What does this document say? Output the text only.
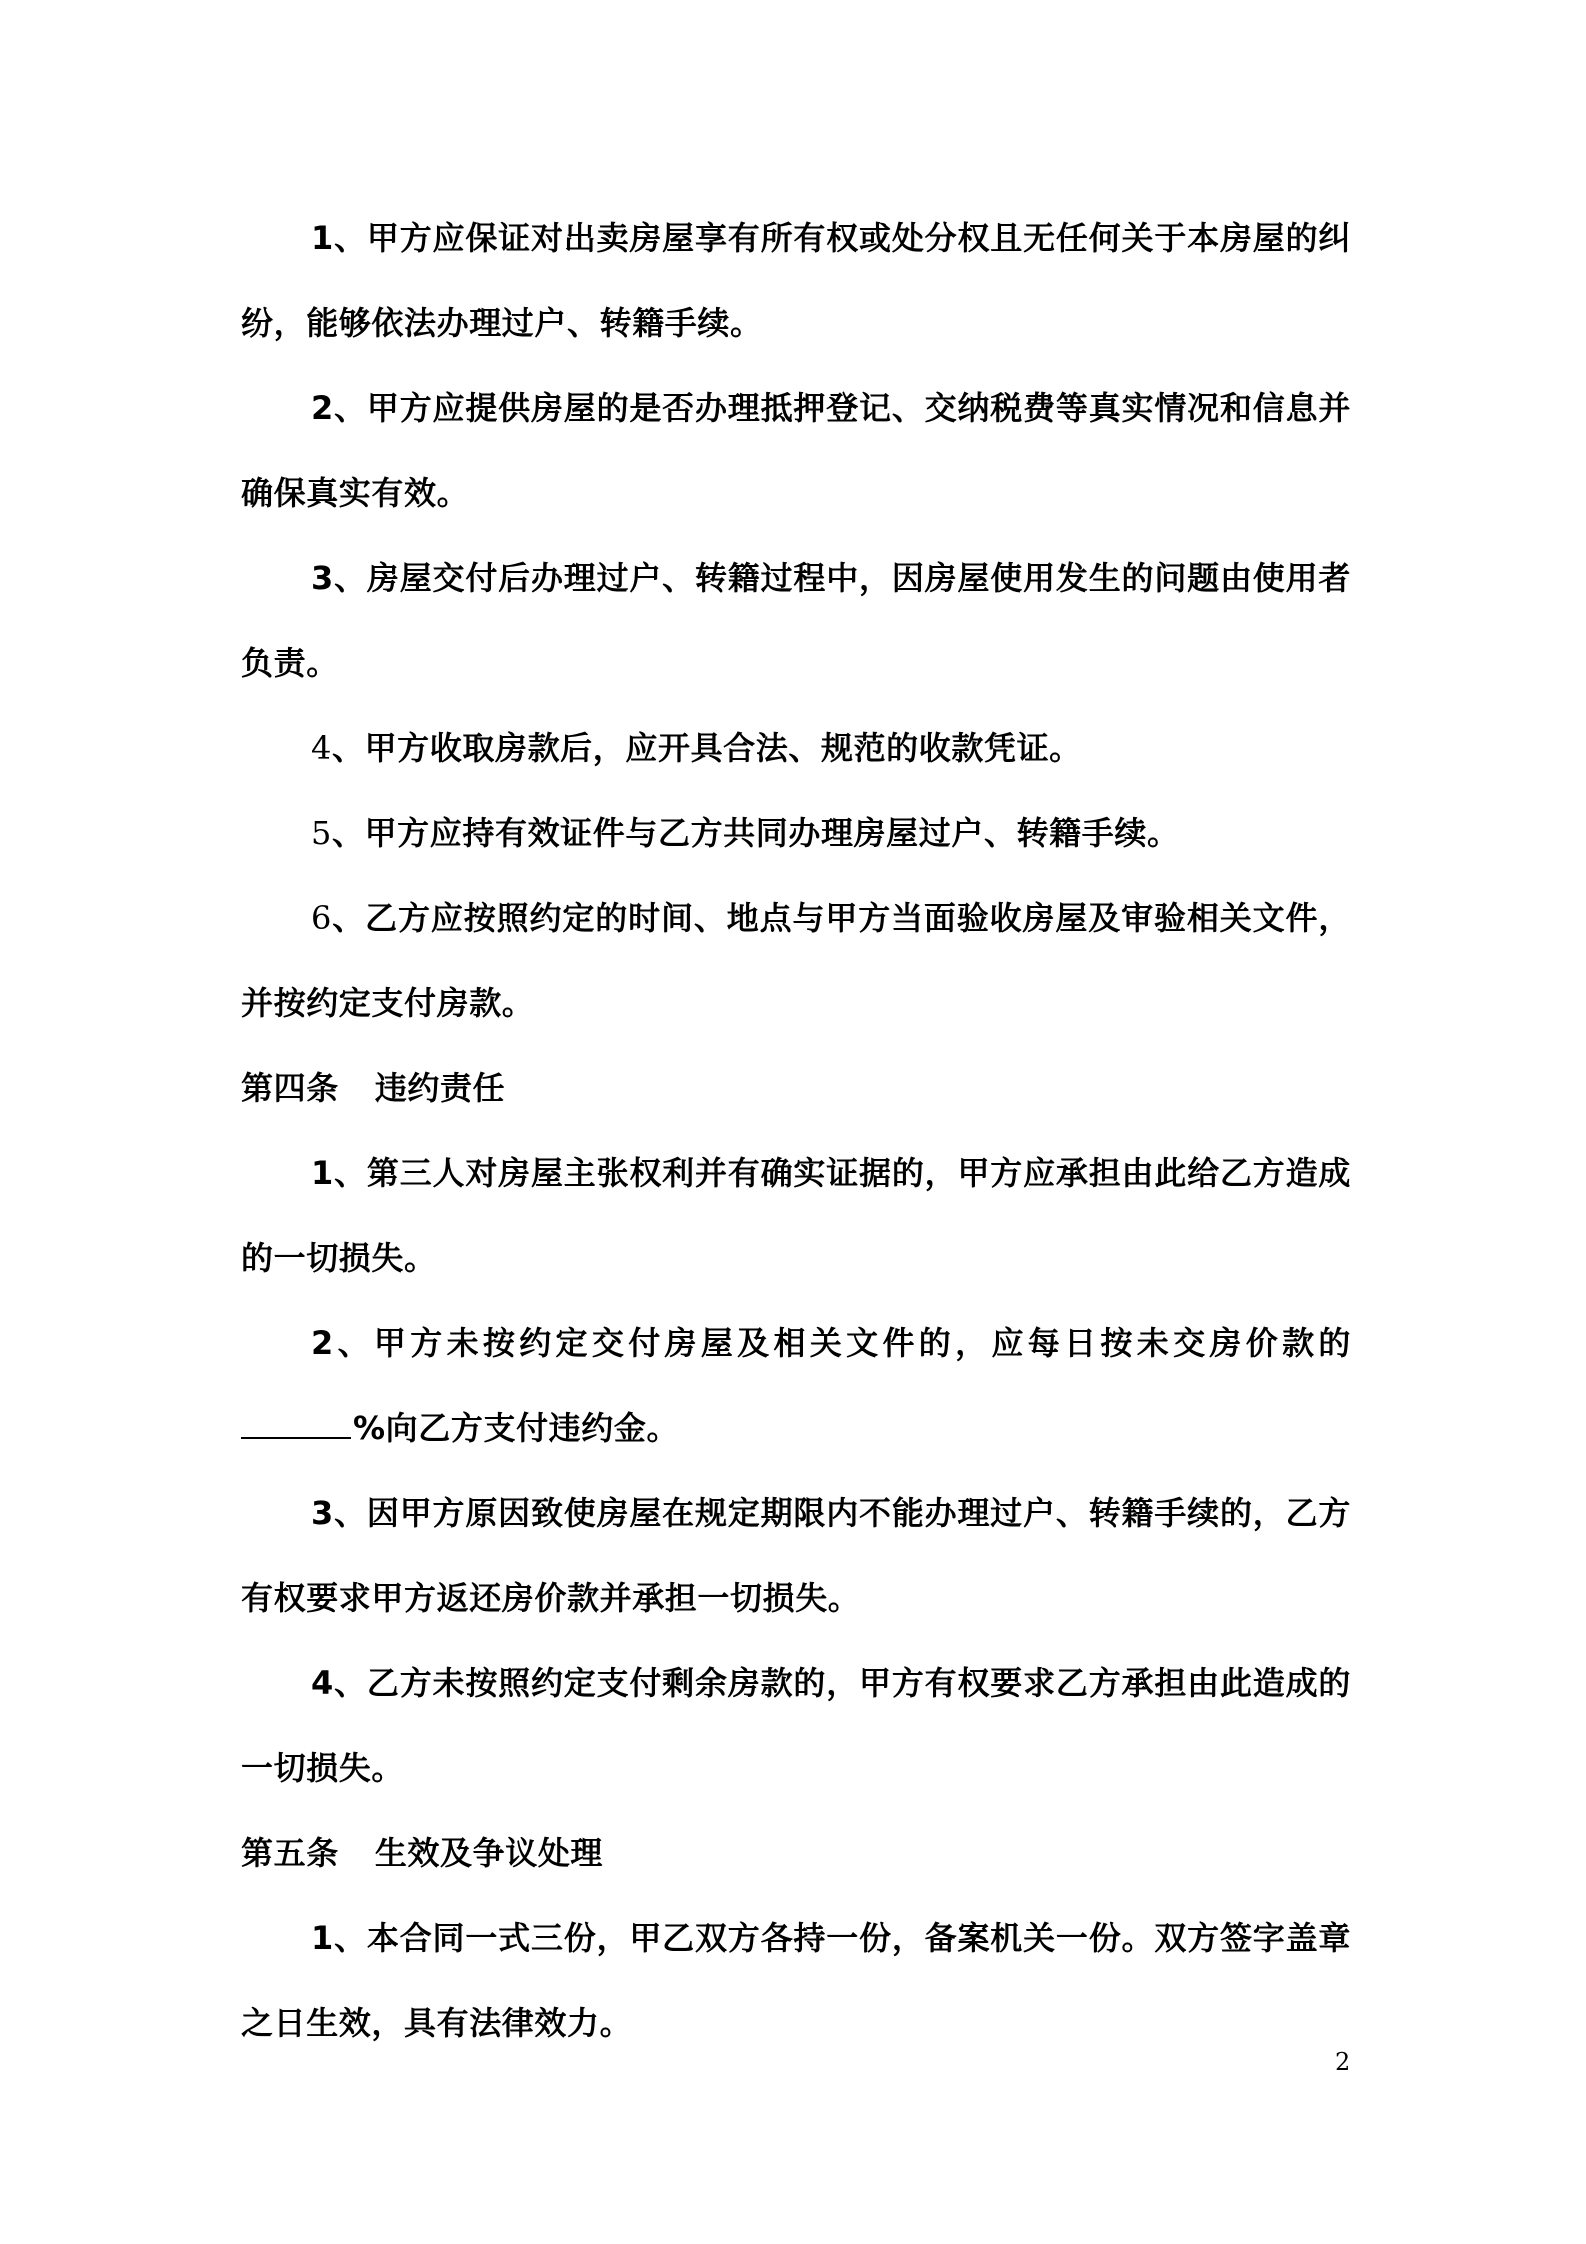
1、甲方应保证对出卖房屋享有所有权或处分权且无任何关于本房屋的纠纷，能够依法办理过户、转籍手续。

2、甲方应提供房屋的是否办理抵押登记、交纳税费等真实情况和信息并确保真实有效。

3、房屋交付后办理过户、转籍过程中，因房屋使用发生的问题由使用者负责。

4、甲方收取房款后，应开具合法、规范的收款凭证。

5、甲方应持有效证件与乙方共同办理房屋过户、转籍手续。

6、乙方应按照约定的时间、地点与甲方当面验收房屋及审验相关文件，并按约定支付房款。

第四条 违约责任

1、第三人对房屋主张权利并有确实证据的，甲方应承担由此给乙方造成的一切损失。

2、甲方未按约定交付房屋及相关文件的，应每日按未交房价款的%向乙方支付违约金。

3、因甲方原因致使房屋在规定期限内不能办理过户、转籍手续的，乙方有权要求甲方返还房价款并承担一切损失。

4、乙方未按照约定支付剩余房款的，甲方有权要求乙方承担由此造成的一切损失。

第五条 生效及争议处理

1、本合同一式三份，甲乙双方各持一份，备案机关一份。双方签字盖章之日生效，具有法律效力。

2
